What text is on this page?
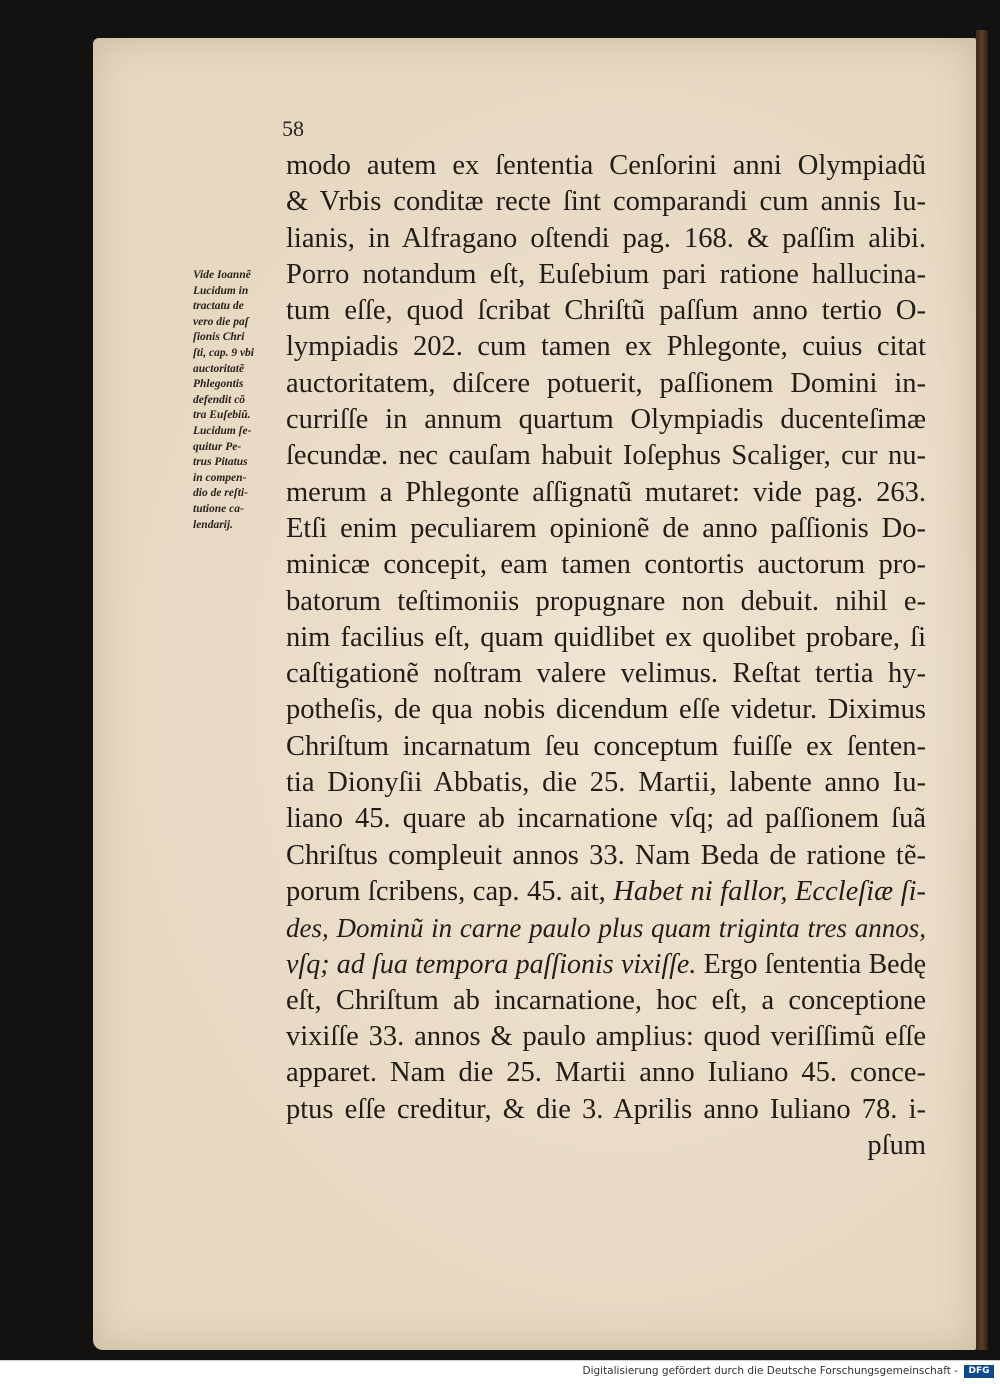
58

Vide Ioannẽ
Lucidum in
tractatu de
vero die paſ
ſionis Chri
ſti, cap. 9 vbi
auctoritatẽ
Phlegontis
defendit cõ
tra Euſebiũ.
Lucidum ſe-
quitur Pe-
trus Pitatus
in compen-
dio de reſti-
tutione ca-
lendarij.
modo autem ex ſententia Cenſorini anni Olympiadũ
& Vrbis conditæ recte ſint comparandi cum annis Iu-
lianis, in Alfragano oſtendi pag. 168. & paſſim alibi.
Porro notandum eſt, Euſebium pari ratione hallucina-
tum eſſe, quod ſcribat Chriſtũ paſſum anno tertio O-
lympiadis 202. cum tamen ex Phlegonte, cuius citat
auctoritatem, diſcere potuerit, paſſionem Domini in-
curriſſe in annum quartum Olympiadis ducenteſimæ
ſecundæ. nec cauſam habuit Ioſephus Scaliger, cur nu-
merum a Phlegonte aſſignatũ mutaret: vide pag. 263.
Etſi enim peculiarem opinionẽ de anno paſſionis Do-
minicæ concepit, eam tamen contortis auctorum pro-
batorum teſtimoniis propugnare non debuit. nihil e-
nim facilius eſt, quam quidlibet ex quolibet probare, ſi
caſtigationẽ noſtram valere velimus. Reſtat tertia hy-
potheſis, de qua nobis dicendum eſſe videtur. Diximus
Chriſtum incarnatum ſeu conceptum fuiſſe ex ſenten-
tia Dionyſii Abbatis, die 25. Martii, labente anno Iu-
liano 45. quare ab incarnatione vſq; ad paſſionem ſuã
Chriſtus compleuit annos 33. Nam Beda de ratione tẽ-
porum ſcribens, cap. 45. ait, Habet ni fallor, Eccleſiæ ſi-
des, Dominũ in carne paulo plus quam triginta tres annos,
vſq; ad ſua tempora paſſionis vixiſſe. Ergo ſententia Bedę
eſt, Chriſtum ab incarnatione, hoc eſt, a conceptione
vixiſſe 33. annos & paulo amplius: quod veriſſimũ eſſe
apparet. Nam die 25. Martii anno Iuliano 45. conce-
ptus eſſe creditur, & die 3. Aprilis anno Iuliano 78. i-
pſum
Digitalisierung gefördert durch die Deutsche Forschungsgemeinschaft -	DFG
